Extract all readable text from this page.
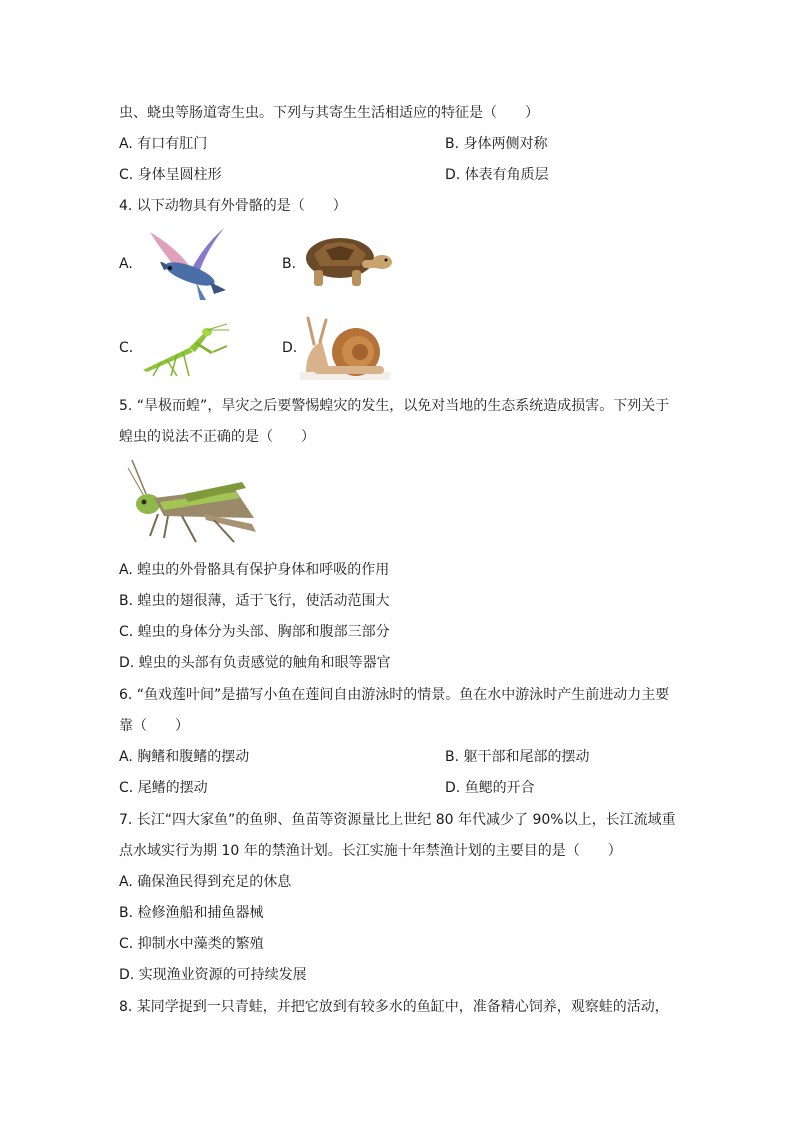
虫、蛲虫等肠道寄生虫。下列与其寄生生活相适应的特征是（　　）
A. 有口有肛门	B. 身体两侧对称
C. 身体呈圆柱形	D. 体表有角质层
4. 以下动物具有外骨骼的是（　　）
A.	B.
C.	D.
5. “旱极而蝗”，旱灾之后要警惕蝗灾的发生，以免对当地的生态系统造成损害。下列关于
蝗虫的说法不正确的是（　　）
A. 蝗虫的外骨骼具有保护身体和呼吸的作用
B. 蝗虫的翅很薄，适于飞行，使活动范围大
C. 蝗虫的身体分为头部、胸部和腹部三部分
D. 蝗虫的头部有负责感觉的触角和眼等器官
6. “鱼戏莲叶间”是描写小鱼在莲间自由游泳时的情景。鱼在水中游泳时产生前进动力主要
靠（　　）
A. 胸鳍和腹鳍的摆动	B. 躯干部和尾部的摆动
C. 尾鳍的摆动	D. 鱼鳃的开合
7. 长江“四大家鱼”的鱼卵、鱼苗等资源量比上世纪 80 年代减少了 90%以上，长江流域重
点水域实行为期 10 年的禁渔计划。长江实施十年禁渔计划的主要目的是（　　）
A. 确保渔民得到充足的休息
B. 检修渔船和捕鱼器械
C. 抑制水中藻类的繁殖
D. 实现渔业资源的可持续发展
8. 某同学捉到一只青蛙，并把它放到有较多水的鱼缸中，准备精心饲养，观察蛙的活动，
